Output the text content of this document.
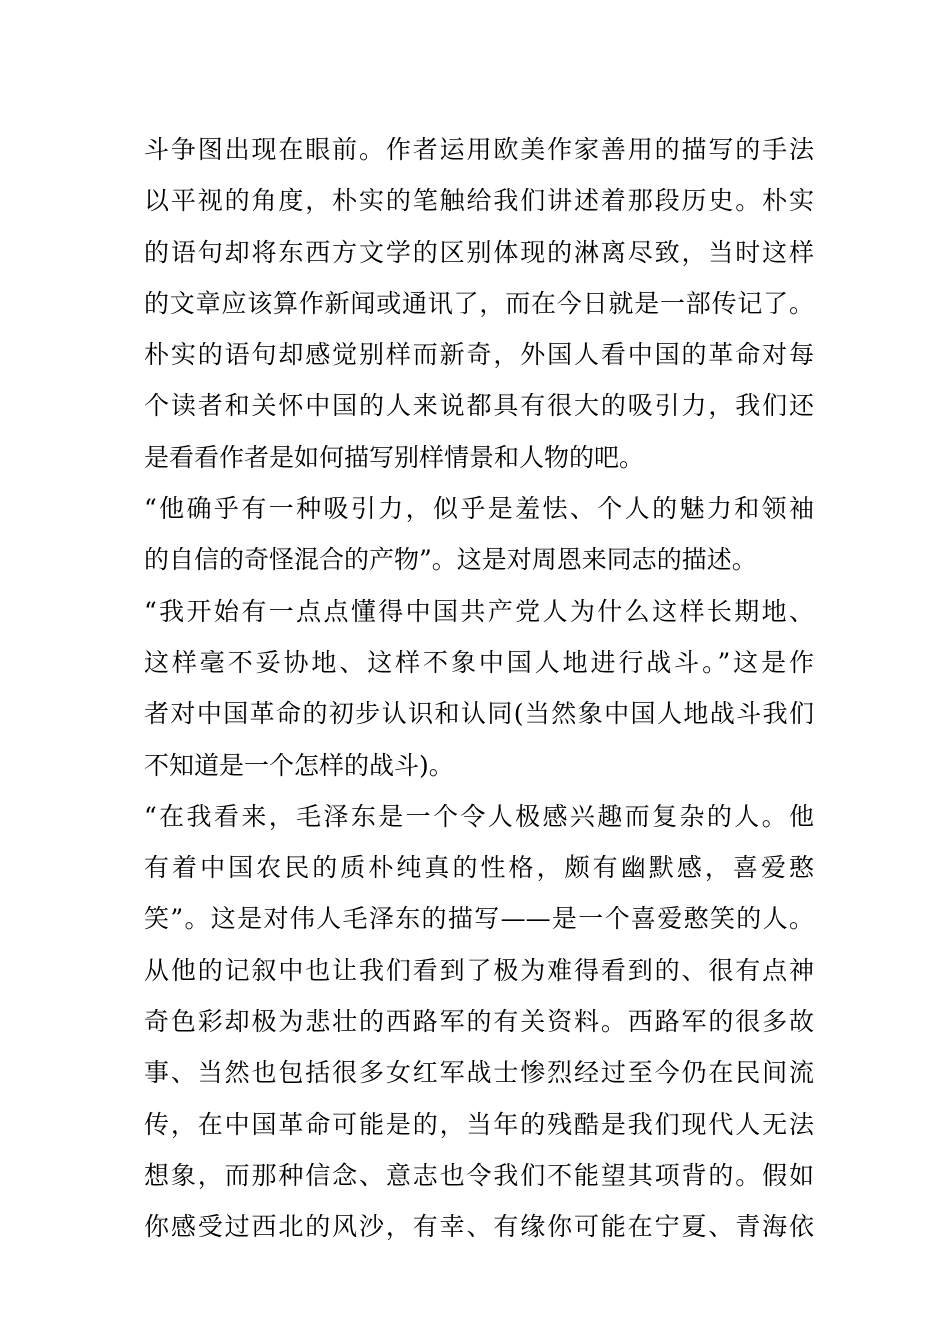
斗争图出现在眼前。作者运用欧美作家善用的描写的手法
以平视的角度，朴实的笔触给我们讲述着那段历史。朴实
的语句却将东西方文学的区别体现的淋离尽致，当时这样
的文章应该算作新闻或通讯了，而在今日就是一部传记了。
朴实的语句却感觉别样而新奇，外国人看中国的革命对每
个读者和关怀中国的人来说都具有很大的吸引力，我们还
是看看作者是如何描写别样情景和人物的吧。
“他确乎有一种吸引力，似乎是羞怯、个人的魅力和领袖
的自信的奇怪混合的产物”。这是对周恩来同志的描述。
“我开始有一点点懂得中国共产党人为什么这样长期地、
这样毫不妥协地、这样不象中国人地进行战斗。”这是作
者对中国革命的初步认识和认同(当然象中国人地战斗我们
不知道是一个怎样的战斗)。
“在我看来，毛泽东是一个令人极感兴趣而复杂的人。他
有着中国农民的质朴纯真的性格，颇有幽默感，喜爱憨
笑”。这是对伟人毛泽东的描写——是一个喜爱憨笑的人。
从他的记叙中也让我们看到了极为难得看到的、很有点神
奇色彩却极为悲壮的西路军的有关资料。西路军的很多故
事、当然也包括很多女红军战士惨烈经过至今仍在民间流
传，在中国革命可能是的，当年的残酷是我们现代人无法
想象，而那种信念、意志也令我们不能望其项背的。假如
你感受过西北的风沙，有幸、有缘你可能在宁夏、青海依
